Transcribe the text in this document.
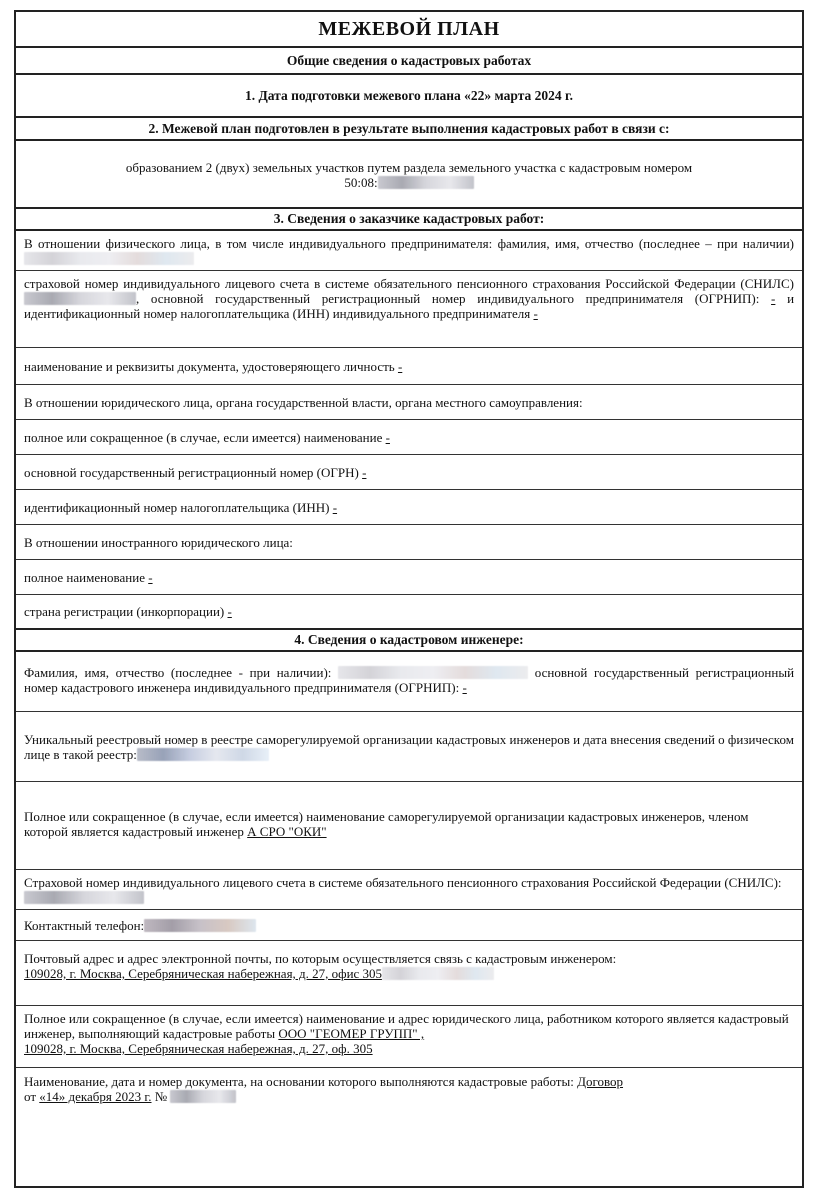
МЕЖЕВОЙ ПЛАН
Общие сведения о кадастровых работах
1. Дата подготовки межевого плана «22» марта 2024 г.
2. Межевой план подготовлен в результате выполнения кадастровых работ в связи с:
образованием 2 (двух) земельных участков путем раздела земельного участка с кадастровым номером
50:08:
3. Сведения о заказчике кадастровых работ:
В отношении физического лица, в том числе индивидуального предпринимателя: фамилия, имя, отчество (последнее – при наличии)
страховой номер индивидуального лицевого счета в системе обязательного пенсионного страхования Российской Федерации (СНИЛС) , основной государственный регистрационный номер индивидуального предпринимателя (ОГРНИП): - и идентификационный номер налогоплательщика (ИНН) индивидуального предпринимателя -
наименование и реквизиты документа, удостоверяющего личность -
В отношении юридического лица, органа государственной власти, органа местного самоуправления:
полное или сокращенное (в случае, если имеется) наименование -
основной государственный регистрационный номер (ОГРН) -
идентификационный номер налогоплательщика (ИНН) -
В отношении иностранного юридического лица:
полное наименование -
страна регистрации (инкорпорации) -
4. Сведения о кадастровом инженере:
Фамилия, имя, отчество (последнее - при наличии):	основной государственный регистрационный номер кадастрового инженера индивидуального предпринимателя (ОГРНИП): -
Уникальный реестровый номер в реестре саморегулируемой организации кадастровых инженеров и дата внесения сведений о физическом лице в такой реестр:
Полное или сокращенное (в случае, если имеется) наименование саморегулируемой организации кадастровых инженеров, членом которой является кадастровый инженер А СРО "ОКИ"
Страховой номер индивидуального лицевого счета в системе обязательного пенсионного страхования Российской Федерации (СНИЛС):
Контактный телефон:
Почтовый адрес и адрес электронной почты, по которым осуществляется связь с кадастровым инженером:
109028, г. Москва, Серебряническая набережная, д. 27, офис 305
Полное или сокращенное (в случае, если имеется) наименование и адрес юридического лица, работником которого является кадастровый инженер, выполняющий кадастровые работы ООО "ГЕОМЕР ГРУПП" ,
109028, г. Москва, Серебряническая набережная, д. 27, оф. 305
Наименование, дата и номер документа, на основании которого выполняются кадастровые работы: Договор
от «14» декабря 2023 г. №
